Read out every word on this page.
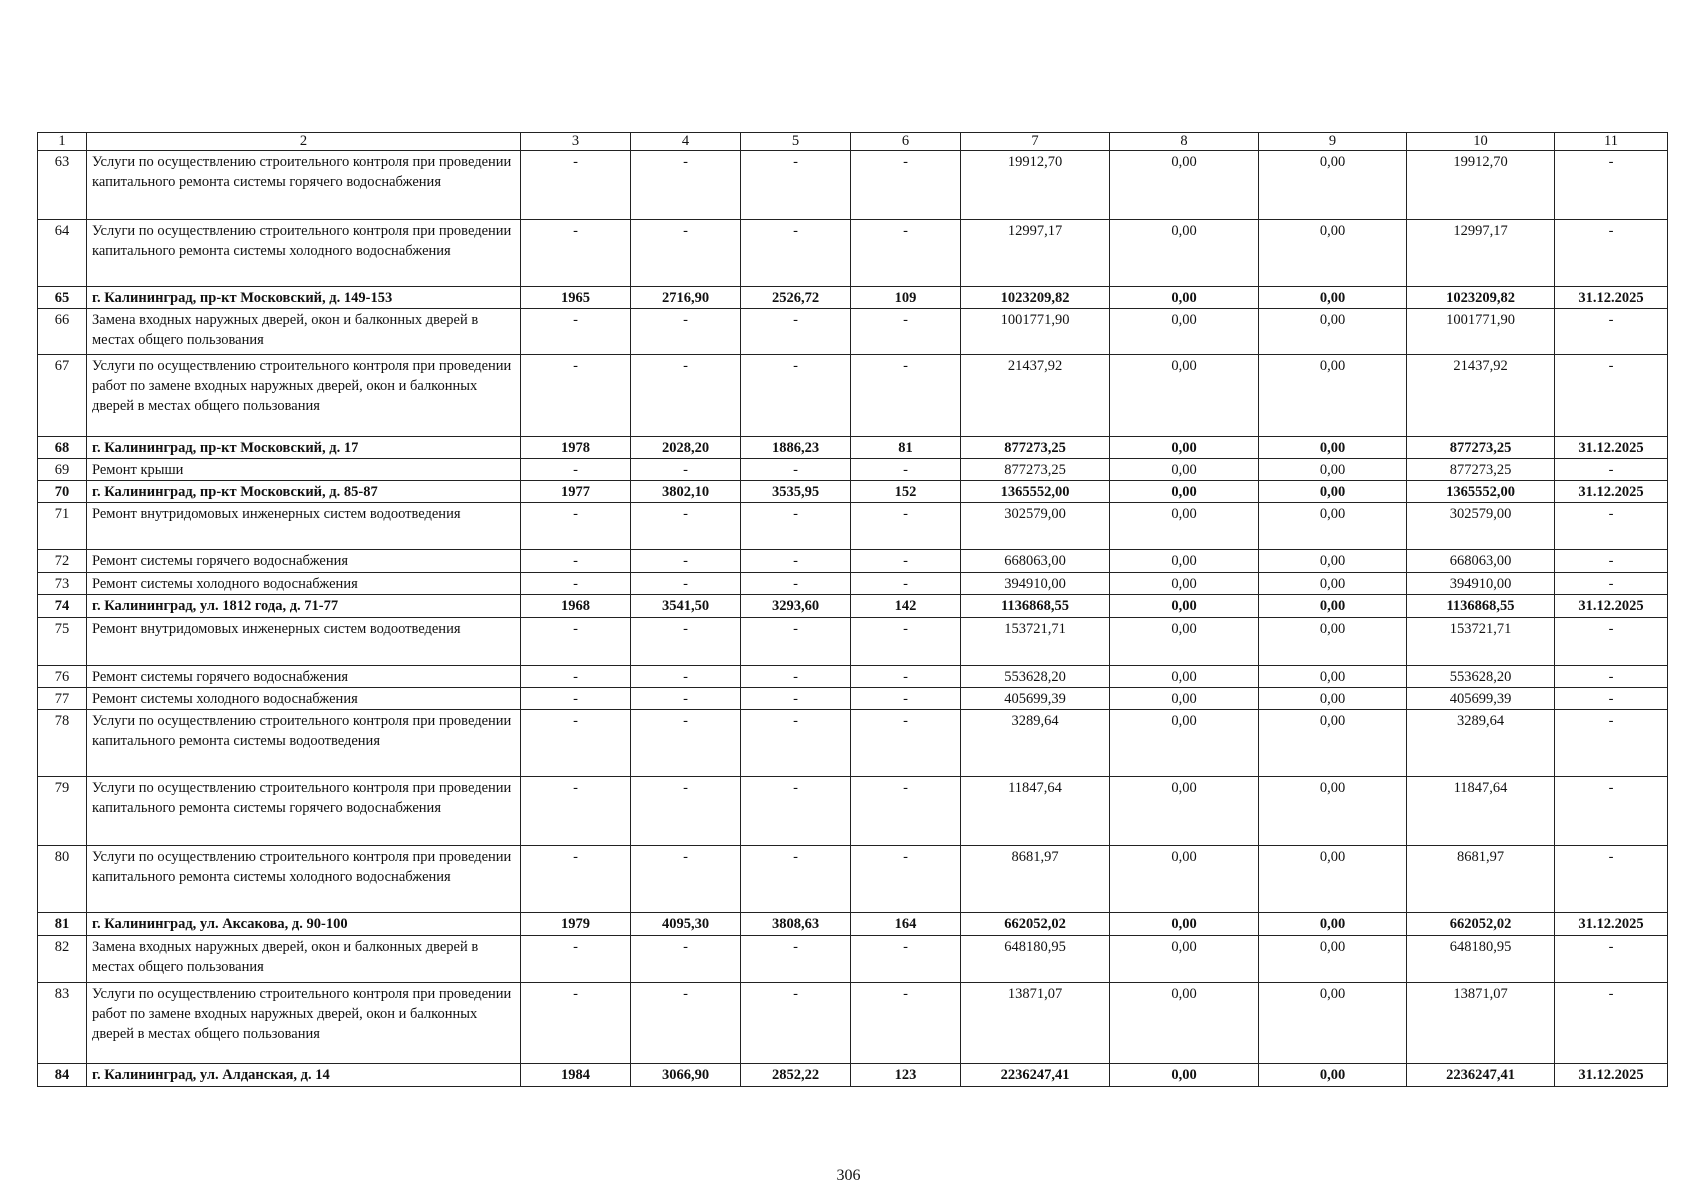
1	2	3	4	5	6	7	8	9	10	11
63	Услуги по осуществлению строительного контроля при проведении капитального ремонта системы горячего водоснабжения	-	-	-	-	19912,70	0,00	0,00	19912,70	-
64	Услуги по осуществлению строительного контроля при проведении капитального ремонта системы холодного водоснабжения	-	-	-	-	12997,17	0,00	0,00	12997,17	-
65	г. Калининград, пр-кт Московский, д. 149-153	1965	2716,90	2526,72	109	1023209,82	0,00	0,00	1023209,82	31.12.2025
66	Замена входных наружных дверей, окон и балконных дверей в местах общего пользования	-	-	-	-	1001771,90	0,00	0,00	1001771,90	-
67	Услуги по осуществлению строительного контроля при проведении работ по замене входных наружных дверей, окон и балконных дверей в местах общего пользования	-	-	-	-	21437,92	0,00	0,00	21437,92	-
68	г. Калининград, пр-кт Московский, д. 17	1978	2028,20	1886,23	81	877273,25	0,00	0,00	877273,25	31.12.2025
69	Ремонт крыши	-	-	-	-	877273,25	0,00	0,00	877273,25	-
70	г. Калининград, пр-кт Московский, д. 85-87	1977	3802,10	3535,95	152	1365552,00	0,00	0,00	1365552,00	31.12.2025
71	Ремонт внутридомовых инженерных систем водоотведения	-	-	-	-	302579,00	0,00	0,00	302579,00	-
72	Ремонт системы горячего водоснабжения	-	-	-	-	668063,00	0,00	0,00	668063,00	-
73	Ремонт системы холодного водоснабжения	-	-	-	-	394910,00	0,00	0,00	394910,00	-
74	г. Калининград, ул. 1812 года, д. 71-77	1968	3541,50	3293,60	142	1136868,55	0,00	0,00	1136868,55	31.12.2025
75	Ремонт внутридомовых инженерных систем водоотведения	-	-	-	-	153721,71	0,00	0,00	153721,71	-
76	Ремонт системы горячего водоснабжения	-	-	-	-	553628,20	0,00	0,00	553628,20	-
77	Ремонт системы холодного водоснабжения	-	-	-	-	405699,39	0,00	0,00	405699,39	-
78	Услуги по осуществлению строительного контроля при проведении капитального ремонта системы водоотведения	-	-	-	-	3289,64	0,00	0,00	3289,64	-
79	Услуги по осуществлению строительного контроля при проведении капитального ремонта системы горячего водоснабжения	-	-	-	-	11847,64	0,00	0,00	11847,64	-
80	Услуги по осуществлению строительного контроля при проведении капитального ремонта системы холодного водоснабжения	-	-	-	-	8681,97	0,00	0,00	8681,97	-
81	г. Калининград, ул. Аксакова, д. 90-100	1979	4095,30	3808,63	164	662052,02	0,00	0,00	662052,02	31.12.2025
82	Замена входных наружных дверей, окон и балконных дверей в местах общего пользования	-	-	-	-	648180,95	0,00	0,00	648180,95	-
83	Услуги по осуществлению строительного контроля при проведении работ по замене входных наружных дверей, окон и балконных дверей в местах общего пользования	-	-	-	-	13871,07	0,00	0,00	13871,07	-
84	г. Калининград, ул. Алданская, д. 14	1984	3066,90	2852,22	123	2236247,41	0,00	0,00	2236247,41	31.12.2025
306
